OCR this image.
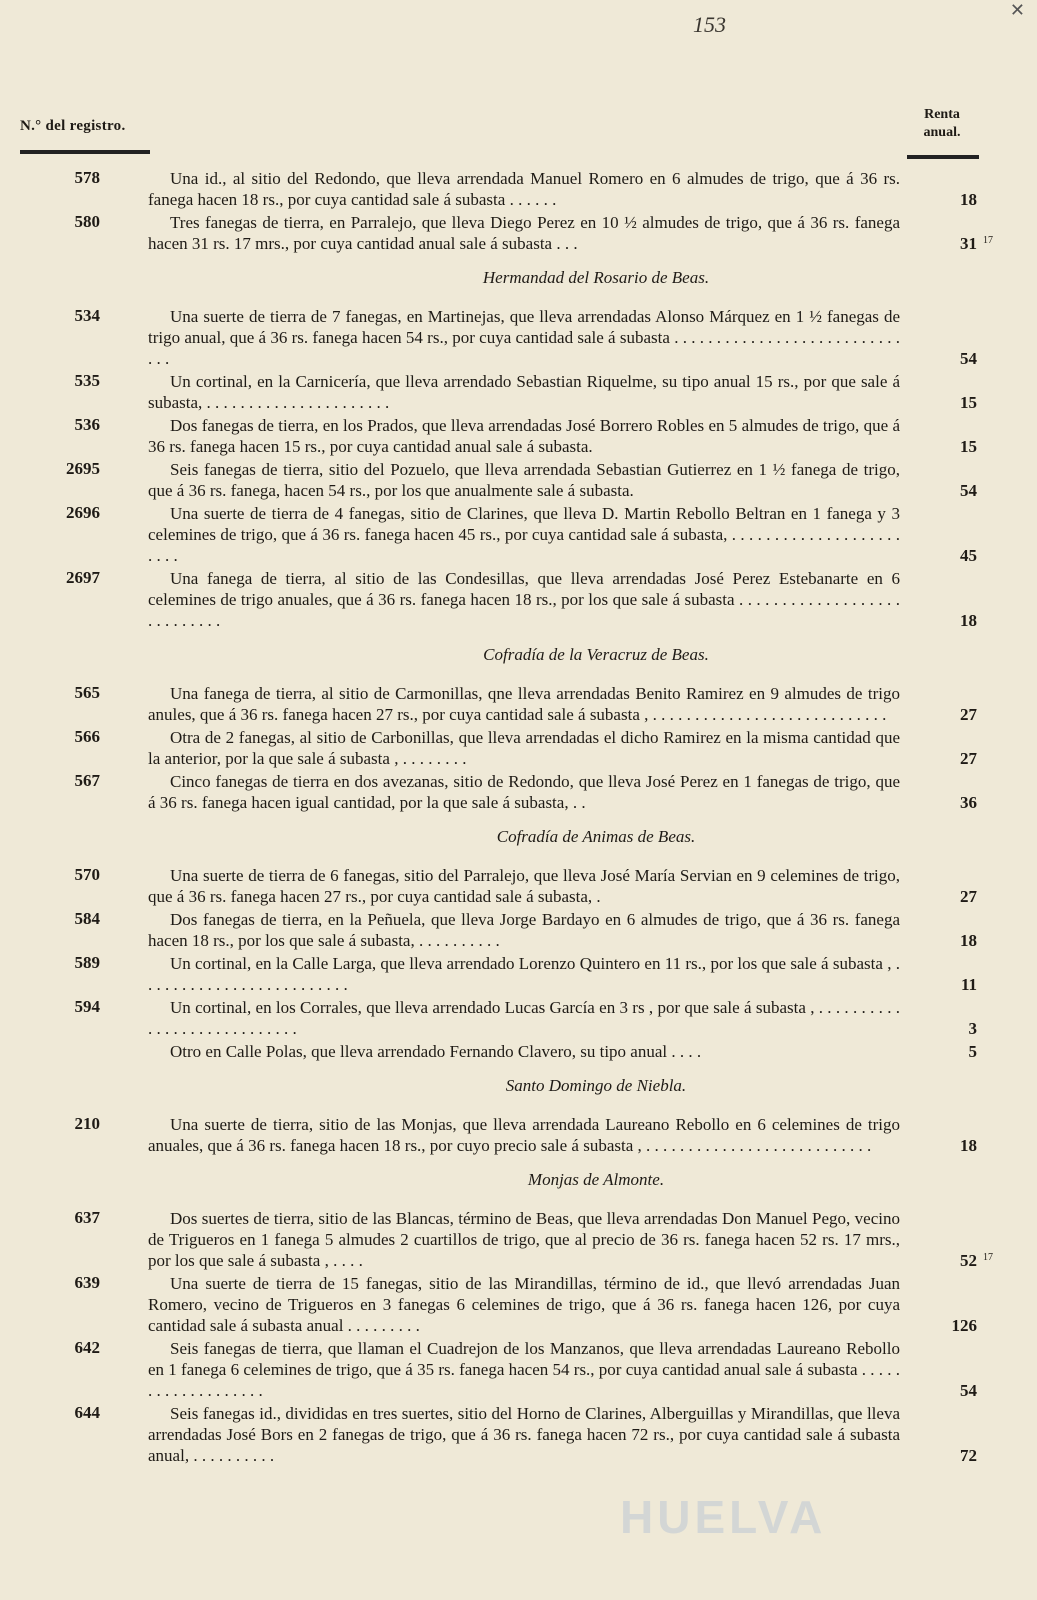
153
✕
N.° del registro.
Renta
anual.
578	Una id., al sitio del Redondo, que lleva arrendada Manuel Romero en 6 almudes de trigo, que á 36 rs. fanega hacen 18 rs., por cuya cantidad sale á subasta . . . . . .	18
580	Tres fanegas de tierra, en Parralejo, que lleva Diego Perez en 10 ½ almudes de trigo, que á 36 rs. fanega hacen 31 rs. 17 mrs., por cuya cantidad anual sale á subasta . . .	31 17
Hermandad del Rosario de Beas.
534	Una suerte de tierra de 7 fanegas, en Martinejas, que lleva arrendadas Alonso Márquez en 1 ½ fanegas de trigo anual, que á 36 rs. fanega hacen 54 rs., por cuya cantidad sale á subasta . . . . . . . . . . . . . . . . . . . . . . . . . . . . . .	54
535	Un cortinal, en la Carnicería, que lleva arrendado Sebastian Riquelme, su tipo anual 15 rs., por que sale á subasta, . . . . . . . . . . . . . . . . . . . . . .	15
536	Dos fanegas de tierra, en los Prados, que lleva arrendadas José Borrero Robles en 5 almudes de trigo, que á 36 rs. fanega hacen 15 rs., por cuya cantidad anual sale á subasta.	15
2695	Seis fanegas de tierra, sitio del Pozuelo, que lleva arrendada Sebastian Gutierrez en 1 ½ fanega de trigo, que á 36 rs. fanega, hacen 54 rs., por los que anualmente sale á subasta.	54
2696	Una suerte de tierra de 4 fanegas, sitio de Clarines, que lleva D. Martin Rebollo Beltran en 1 fanega y 3 celemines de trigo, que á 36 rs. fanega hacen 45 rs., por cuya cantidad sale á subasta, . . . . . . . . . . . . . . . . . . . . . . . .	45
2697	Una fanega de tierra, al sitio de las Condesillas, que lleva arrendadas José Perez Estebanarte en 6 celemines de trigo anuales, que á 36 rs. fanega hacen 18 rs., por los que sale á subasta . . . . . . . . . . . . . . . . . . . . . . . . . . . .	18
Cofradía de la Veracruz de Beas.
565	Una fanega de tierra, al sitio de Carmonillas, qne lleva arrendadas Benito Ramirez en 9 almudes de trigo anules, que á 36 rs. fanega hacen 27 rs., por cuya cantidad sale á subasta , . . . . . . . . . . . . . . . . . . . . . . . . . . . .	27
566	Otra de 2 fanegas, al sitio de Carbonillas, que lleva arrendadas el dicho Ramirez en la misma cantidad que la anterior, por la que sale á subasta , . . . . . . . .	27
567	Cinco fanegas de tierra en dos avezanas, sitio de Redondo, que lleva José Perez en 1 fanegas de trigo, que á 36 rs. fanega hacen igual cantidad, por la que sale á subasta, . .	36
Cofradía de Animas de Beas.
570	Una suerte de tierra de 6 fanegas, sitio del Parralejo, que lleva José María Servian en 9 celemines de trigo, que á 36 rs. fanega hacen 27 rs., por cuya cantidad sale á subasta, .	27
584	Dos fanegas de tierra, en la Peñuela, que lleva Jorge Bardayo en 6 almudes de trigo, que á 36 rs. fanega hacen 18 rs., por los que sale á subasta, . . . . . . . . . .	18
589	Un cortinal, en la Calle Larga, que lleva arrendado Lorenzo Quintero en 11 rs., por los que sale á subasta , . . . . . . . . . . . . . . . . . . . . . . . . .	11
594	Un cortinal, en los Corrales, que lleva arrendado Lucas García en 3 rs , por que sale á subasta , . . . . . . . . . . . . . . . . . . . . . . . . . . . .	3
Otro en Calle Polas, que lleva arrendado Fernando Clavero, su tipo anual . . . .	5
Santo Domingo de Niebla.
210	Una suerte de tierra, sitio de las Monjas, que lleva arrendada Laureano Rebollo en 6 celemines de trigo anuales, que á 36 rs. fanega hacen 18 rs., por cuyo precio sale á subasta , . . . . . . . . . . . . . . . . . . . . . . . . . . .	18
Monjas de Almonte.
637	Dos suertes de tierra, sitio de las Blancas, término de Beas, que lleva arrendadas Don Manuel Pego, vecino de Trigueros en 1 fanega 5 almudes 2 cuartillos de trigo, que al precio de 36 rs. fanega hacen 52 rs. 17 mrs., por los que sale á subasta , . . . .	52 17
639	Una suerte de tierra de 15 fanegas, sitio de las Mirandillas, término de id., que llevó arrendadas Juan Romero, vecino de Trigueros en 3 fanegas 6 celemines de trigo, que á 36 rs. fanega hacen 126, por cuya cantidad sale á subasta anual . . . . . . . . .	126
642	Seis fanegas de tierra, que llaman el Cuadrejon de los Manzanos, que lleva arrendadas Laureano Rebollo en 1 fanega 6 celemines de trigo, que á 35 rs. fanega hacen 54 rs., por cuya cantidad anual sale á subasta . . . . . . . . . . . . . . . . . . .	54
644	Seis fanegas id., divididas en tres suertes, sitio del Horno de Clarines, Alberguillas y Mirandillas, que lleva arrendadas José Bors en 2 fanegas de trigo, que á 36 rs. fanega hacen 72 rs., por cuya cantidad sale á subasta anual, . . . . . . . . . .	72
HUELVA
